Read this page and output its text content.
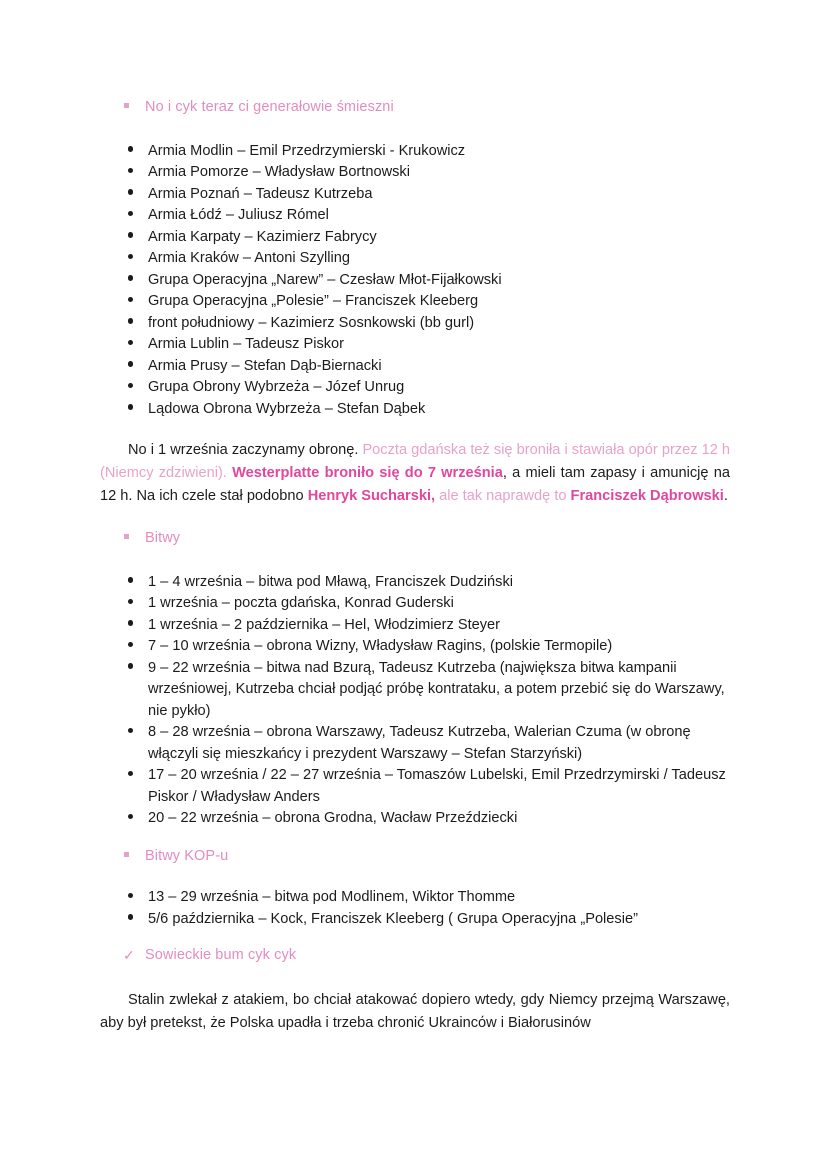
No i cyk teraz ci generałowie śmieszni
Armia Modlin – Emil Przedrzymierski - Krukowicz
Armia Pomorze – Władysław Bortnowski
Armia Poznań – Tadeusz Kutrzeba
Armia Łódź – Juliusz Rómel
Armia Karpaty – Kazimierz Fabrycy
Armia Kraków – Antoni Szylling
Grupa Operacyjna „Narew” – Czesław Młot-Fijałkowski
Grupa Operacyjna „Polesie” – Franciszek Kleeberg
front południowy – Kazimierz Sosnkowski (bb gurl)
Armia Lublin – Tadeusz Piskor
Armia Prusy – Stefan Dąb-Biernacki
Grupa Obrony Wybrzeża – Józef Unrug
Lądowa Obrona Wybrzeża – Stefan Dąbek

No i 1 września zaczynamy obronę. Poczta gdańska też się broniła i stawiała opór przez 12 h (Niemcy zdziwieni). Westerplatte broniło się do 7 września, a mieli tam zapasy i amunicję na 12 h. Na ich czele stał podobno Henryk Sucharski, ale tak naprawdę to Franciszek Dąbrowski.

Bitwy
1 – 4 września – bitwa pod Mławą, Franciszek Dudziński
1 września – poczta gdańska, Konrad Guderski
1 września – 2 października – Hel, Włodzimierz Steyer
7 – 10 września – obrona Wizny, Władysław Ragins, (polskie Termopile)
9 – 22 września – bitwa nad Bzurą, Tadeusz Kutrzeba (największa bitwa kampanii wrześniowej, Kutrzeba chciał podjąć próbę kontrataku, a potem przebić się do Warszawy, nie pykło)
8 – 28 września – obrona Warszawy, Tadeusz Kutrzeba, Walerian Czuma (w obronę włączyli się mieszkańcy i prezydent Warszawy – Stefan Starzyński)
17 – 20 września / 22 – 27 września – Tomaszów Lubelski, Emil Przedrzymirski / Tadeusz Piskor / Władysław Anders
20 – 22 września – obrona Grodna, Wacław Przeździecki
Bitwy KOP-u
13 – 29 września – bitwa pod Modlinem, Wiktor Thomme
5/6 października – Kock, Franciszek Kleeberg ( Grupa Operacyjna „Polesie”
✓ Sowieckie bum cyk cyk

Stalin zwlekał z atakiem, bo chciał atakować dopiero wtedy, gdy Niemcy przejmą Warszawę, aby był pretekst, że Polska upadła i trzeba chronić Ukraincόw i Białorusinów
